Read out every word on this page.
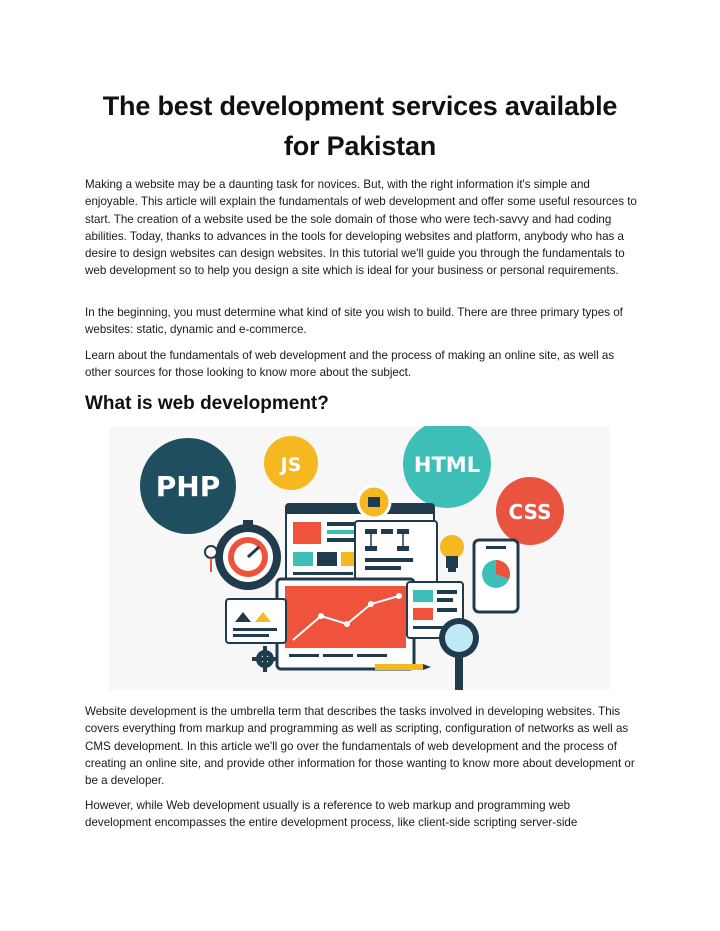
The best development services available
for Pakistan
Making a website may be a daunting task for novices. But, with the right information it's simple and enjoyable. This article will explain the fundamentals of web development and offer some useful resources to start. The creation of a website used be the sole domain of those who were tech-savvy and had coding abilities. Today, thanks to advances in the tools for developing websites and platform, anybody who has a desire to design websites can design websites. In this tutorial we'll guide you through the fundamentals to web development so to help you design a site which is ideal for your business or personal requirements.
In the beginning, you must determine what kind of site you wish to build. There are three primary types of websites: static, dynamic and e-commerce.
Learn about the fundamentals of web development and the process of making an online site, as well as other sources for those looking to know more about the subject.
What is web development?
PHP
JS	HTML
CSS
Website development is the umbrella term that describes the tasks involved in developing websites. This covers everything from markup and programming as well as scripting, configuration of networks as well as CMS development. In this article we'll go over the fundamentals of web development and the process of creating an online site, and provide other information for those wanting to know more about development or be a developer.
However, while Web development usually is a reference to web markup and programming web development encompasses the entire development process, like client-side scripting server-side
